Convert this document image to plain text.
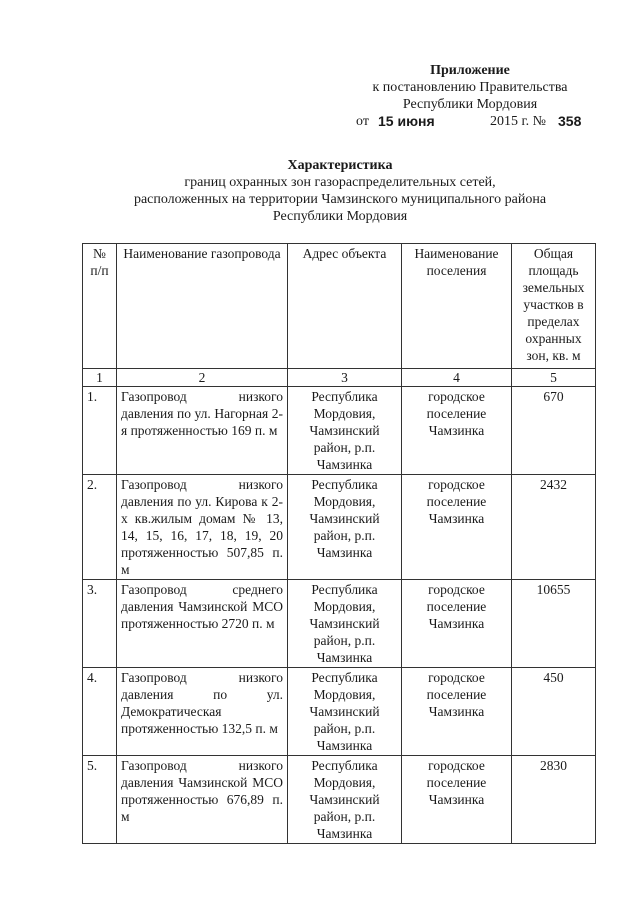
Приложение
к постановлению Правительства
Республики Мордовия
от 15 июня	2015 г. № 358
Характеристика
границ охранных зон газораспределительных сетей,
расположенных на территории Чамзинского муниципального района
Республики Мордовия
№ п/п	Наименование газопровода	Адрес объекта	Наименование поселения	Общая площадь земельных участков в пределах охранных зон, кв. м
1	2	3	4	5
1.	Газопровод низкого давления по ул. Нагорная 2-я протяженностью 169 п. м	Республика Мордовия, Чамзинский район, р.п. Чамзинка	городское поселение Чамзинка	670
2.	Газопровод низкого давления по ул. Кирова к 2-х кв.жилым домам № 13, 14, 15, 16, 17, 18, 19, 20 протяженностью 507,85 п. м	Республика Мордовия, Чамзинский район, р.п. Чамзинка	городское поселение Чамзинка	2432
3.	Газопровод среднего давления Чамзинской МСО протяженностью 2720 п. м	Республика Мордовия, Чамзинский район, р.п. Чамзинка	городское поселение Чамзинка	10655
4.	Газопровод низкого давления по ул. Демократическая протяженностью 132,5 п. м	Республика Мордовия, Чамзинский район, р.п. Чамзинка	городское поселение Чамзинка	450
5.	Газопровод низкого давления Чамзинской МСО протяженностью 676,89 п. м	Республика Мордовия, Чамзинский район, р.п. Чамзинка	городское поселение Чамзинка	2830
